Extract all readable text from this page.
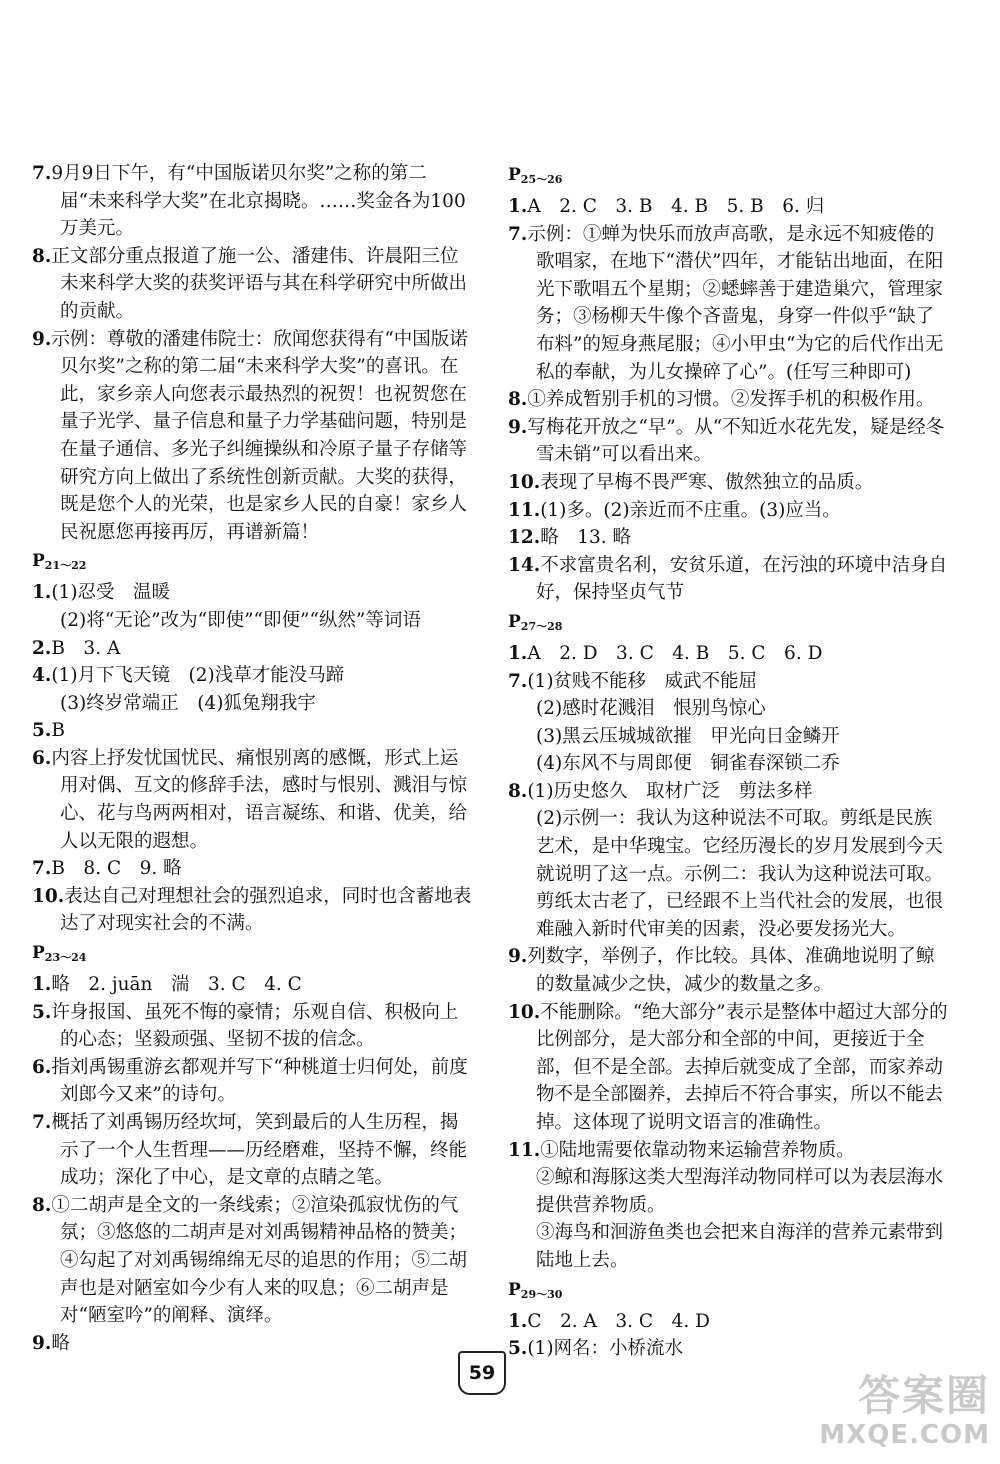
7.9月9日下午，有“中国版诺贝尔奖”之称的第二届“未来科学大奖”在北京揭晓。……奖金各为100万美元。
8.正文部分重点报道了施一公、潘建伟、许晨阳三位未来科学大奖的获奖评语与其在科学研究中所做出的贡献。
9.示例：尊敬的潘建伟院士：欣闻您获得有“中国版诺贝尔奖”之称的第二届“未来科学大奖”的喜讯。在此，家乡亲人向您表示最热烈的祝贺！也祝贺您在量子光学、量子信息和量子力学基础问题，特别是在量子通信、多光子纠缠操纵和冷原子量子存储等研究方向上做出了系统性创新贡献。大奖的获得，既是您个人的光荣，也是家乡人民的自豪！家乡人民祝愿您再接再厉，再谱新篇！
$P_{21\sim 22}$
1.(1)忍受　温暖
(2)将“无论”改为“即使”“即便”“纵然”等词语
2.B　3. A
4.(1)月下飞天镜　(2)浅草才能没马蹄
(3)终岁常端正　(4)狐兔翔我宇
5.B
6.内容上抒发忧国忧民、痛恨别离的感慨，形式上运用对偶、互文的修辞手法，感时与恨别、溅泪与惊心、花与鸟两两相对，语言凝练、和谐、优美，给人以无限的遐想。
7.B　8. C　9. 略
10.表达自己对理想社会的强烈追求，同时也含蓄地表达了对现实社会的不满。
$P_{23\sim 24}$
1.略　2. juān　湍　3. C　4. C
5.许身报国、虽死不悔的豪情；乐观自信、积极向上的心态；坚毅顽强、坚韧不拔的信念。
6.指刘禹锡重游玄都观并写下“种桃道士归何处，前度刘郎今又来”的诗句。
7.概括了刘禹锡历经坎坷，笑到最后的人生历程，揭示了一个人生哲理——历经磨难，坚持不懈，终能成功；深化了中心，是文章的点睛之笔。
8.①二胡声是全文的一条线索；②渲染孤寂忧伤的气氛；③悠悠的二胡声是对刘禹锡精神品格的赞美；④勾起了对刘禹锡绵绵无尽的追思的作用；⑤二胡声也是对陋室如今少有人来的叹息；⑥二胡声是对“陋室吟”的阐释、演绎。
9.略
$P_{25\sim 26}$
1.A　2. C　3. B　4. B　5. B　6. 归
7.示例：①蝉为快乐而放声高歌，是永远不知疲倦的歌唱家，在地下“潜伏”四年，才能钻出地面，在阳光下歌唱五个星期；②蟋蟀善于建造巢穴，管理家务；③杨柳天牛像个吝啬鬼，身穿一件似乎“缺了布料”的短身燕尾服；④小甲虫“为它的后代作出无私的奉献，为儿女操碎了心”。(任写三种即可)
8.①养成暂别手机的习惯。②发挥手机的积极作用。
9.写梅花开放之“早”。从“不知近水花先发，疑是经冬雪未销”可以看出来。
10.表现了早梅不畏严寒、傲然独立的品质。
11.(1)多。(2)亲近而不庄重。(3)应当。
12.略　13. 略
14.不求富贵名利，安贫乐道，在污浊的环境中洁身自好，保持坚贞气节
$P_{27\sim 28}$
1.A　2. D　3. C　4. B　5. C　6. D
7.(1)贫贱不能移　威武不能屈
(2)感时花溅泪　恨别鸟惊心
(3)黑云压城城欲摧　甲光向日金鳞开
(4)东风不与周郎便　铜雀春深锁二乔
8.(1)历史悠久　取材广泛　剪法多样
(2)示例一：我认为这种说法不可取。剪纸是民族艺术，是中华瑰宝。它经历漫长的岁月发展到今天就说明了这一点。示例二：我认为这种说法可取。剪纸太古老了，已经跟不上当代社会的发展，也很难融入新时代审美的因素，没必要发扬光大。
9.列数字，举例子，作比较。具体、准确地说明了鲸的数量减少之快，减少的数量之多。
10.不能删除。“绝大部分”表示是整体中超过大部分的比例部分，是大部分和全部的中间，更接近于全部，但不是全部。去掉后就变成了全部，而家养动物不是全部圈养，去掉后不符合事实，所以不能去掉。这体现了说明文语言的准确性。
11.①陆地需要依靠动物来运输营养物质。
②鲸和海豚这类大型海洋动物同样可以为表层海水提供营养物质。
③海鸟和洄游鱼类也会把来自海洋的营养元素带到陆地上去。
$P_{29\sim 30}$
1.C　2. A　3. C　4. D
5.(1)网名：小桥流水
59	答案圈
MXQE.COM
